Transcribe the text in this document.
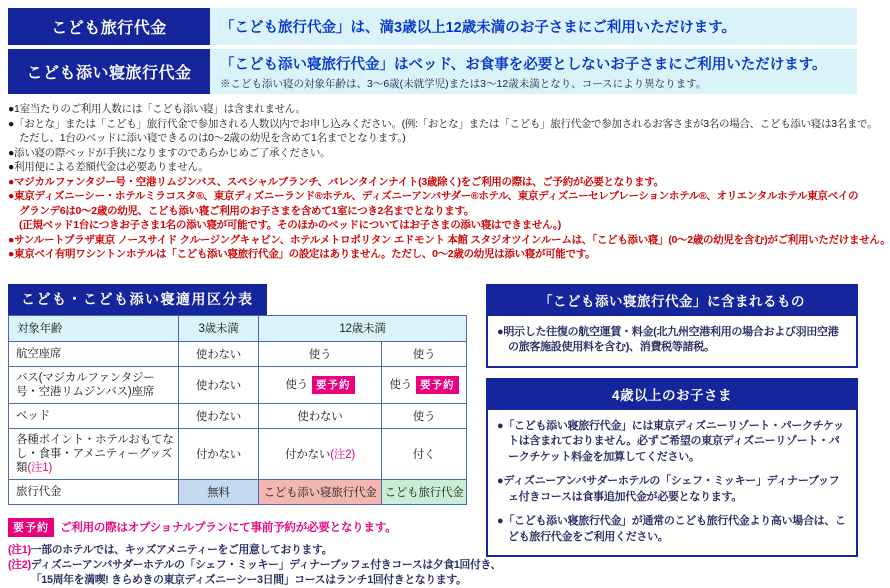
こども旅行代金	「こども旅行代金」は、満3歳以上12歳未満のお子さまにご利用いただけます。
こども添い寝旅行代金
「こども添い寝旅行代金」はベッド、お食事を必要としないお子さまにご利用いただけます。
※こども添い寝の対象年齢は、3〜6歳(未就学児)または3〜12歳未満となり、コースにより異なります。
●1室当たりのご利用人数には「こども添い寝」は含まれません。
●「おとな」または「こども」旅行代金で参加される人数以内でお申し込みください。(例:「おとな」または「こども」旅行代金で参加されるお客さまが3名の場合、こども添い寝は3名まで。
ただし、1台のベッドに添い寝できるのは0〜2歳の幼児を含めて1名までとなります。)
●添い寝の際ベッドが手狭になりますのであらかじめご了承ください。
●利用便による差額代金は必要ありません。
●マジカルファンタジー号・空港リムジンバス、スペシャルブランチ、バレンタインナイト(3歳除く)をご利用の際は、ご予約が必要となります。
●東京ディズニーシー・ホテルミラコスタ®、東京ディズニーランド®ホテル、ディズニーアンバサダー®ホテル、東京ディズニーセレブレーションホテル®、オリエンタルホテル東京ベイの
グランデ6は0〜2歳の幼児、こども添い寝ご利用のお子さまを含めて1室につき2名までとなります。
(正規ベッド1台につきお子さま1名の添い寝が可能です。そのほかのベッドについてはお子さまの添い寝はできません。)
●サンルートプラザ東京 ノースサイド クルージングキャビン、ホテルメトロポリタン エドモント 本館 スタジオツインルームは、「こども添い寝」(0〜2歳の幼児を含む)がご利用いただけません。
●東京ベイ有明ワシントンホテルは「こども添い寝旅行代金」の設定はありません。ただし、0〜2歳の幼児は添い寝が可能です。
こども・こども添い寝適用区分表
対象年齢	3歳未満	12歳未満	
航空座席	使わない	使う	使う
バス(マジカルファンタジー号・空港リムジンバス)座席	使わない	使う 要予約	使う 要予約
ベッド	使わない	使わない	使う
各種ポイント・ホテルおもてなし・食事・アメニティーグッズ類(注1)	付かない	付かない(注2)	付く
旅行代金	無料	こども添い寝旅行代金	こども旅行代金
要予約 ご利用の際はオプショナルプランにて事前予約が必要となります。
(注1) 一部のホテルでは、キッズアメニティーをご用意しております。
(注2) ディズニーアンバサダーホテルの「シェフ・ミッキー」ディナーブッフェ付きコースは夕食1回付き、
「15周年を満喫! きらめきの東京ディズニーシー3日間」コースはランチ1回付きとなります。
「こども添い寝旅行代金」に含まれるもの
●明示した往復の航空運賃・料金(北九州空港利用の場合および羽田空港の旅客施設使用料を含む)、消費税等諸税。
4歳以上のお子さま
●「こども添い寝旅行代金」には東京ディズニーリゾート・パークチケットは含まれておりません。必ずご希望の東京ディズニーリゾート・パークチケット料金を加算してください。
●ディズニーアンバサダーホテルの「シェフ・ミッキー」ディナーブッフェ付きコースは食事追加代金が必要となります。
●「こども添い寝旅行代金」が通常のこども旅行代金より高い場合は、こども旅行代金をご利用ください。
